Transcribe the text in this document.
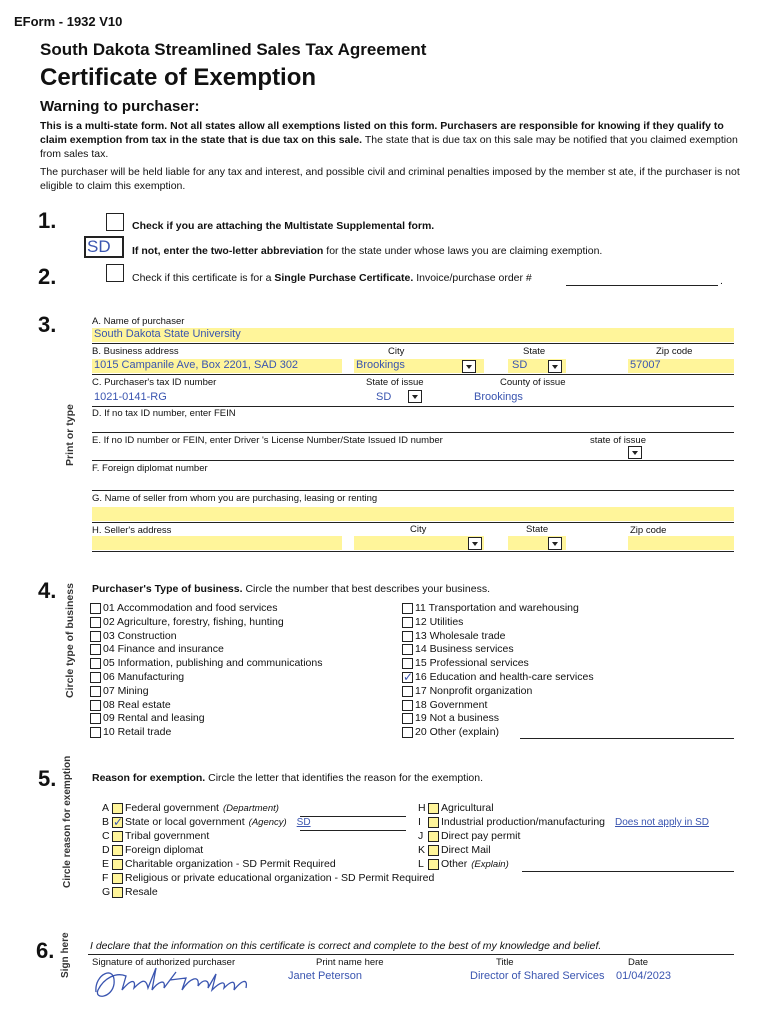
EForm - 1932 V10
South Dakota Streamlined Sales Tax Agreement
Certificate of Exemption
Warning to purchaser:
This is a multi-state form. Not all states allow all exemptions listed on this form. Purchasers are responsible for knowing if they qualify to claim exemption from tax in the state that is due tax on this sale. The state that is due tax on this sale may be notified that you claimed exemption from sales tax.
The purchaser will be held liable for any tax and interest, and possible civil and criminal penalties imposed by the member st ate, if the purchaser is not eligible to claim this exemption.
1.	Check if you are attaching the Multistate Supplemental form.
SD	If not, enter the two-letter abbreviation for the state under whose laws you are claiming exemption.
2.	Check if this certificate is for a Single Purchase Certificate. Invoice/purchase order #	.
3.
Print or type
A. Name of purchaser
South Dakota State University
B. Business address	City	State	Zip code
1015 Campanile Ave, Box 2201, SAD 302	Brookings	SD	57007
C. Purchaser's tax ID number	State of issue	County of issue
1021-0141-RG	SD	Brookings
D. If no tax ID number, enter FEIN
E. If no ID number or FEIN, enter Driver 's License Number/State Issued ID number	state of issue
F. Foreign diplomat number
G. Name of seller from whom you are purchasing, leasing or renting
H. Seller's address	City	State	Zip code
4. Circle type of business Purchaser's Type of business. Circle the number that best describes your business.
01 Accommodation and food services
02 Agriculture, forestry, fishing, hunting
03 Construction
04 Finance and insurance
05 Information, publishing and communications
06 Manufacturing
07 Mining
08 Real estate
09 Rental and leasing
10 Retail trade
11 Transportation and warehousing
12 Utilities
13 Wholesale trade
14 Business services
15 Professional services
✓
16 Education and health-care services
17 Nonprofit organization
18 Government
19 Not a business
20 Other (explain)
5. Circle reason for exemption Reason for exemption. Circle the letter that identifies the reason for the exemption.
A Federal government (Department)
B
✓ State or local government (Agency) SD
C Tribal government
D Foreign diplomat
E Charitable organization - SD Permit Required
F Religious or private educational organization - SD Permit Required
G Resale
H Agricultural
I Industrial production/manufacturing Does not apply in SD
J Direct pay permit
K Direct Mail
L Other (Explain)
6. Sign here I declare that the information on this certificate is correct and complete to the best of my knowledge and belief.
Signature of authorized purchaser	Print name here	Title	Date
Janet Peterson	Director of Shared Services 01/04/2023
